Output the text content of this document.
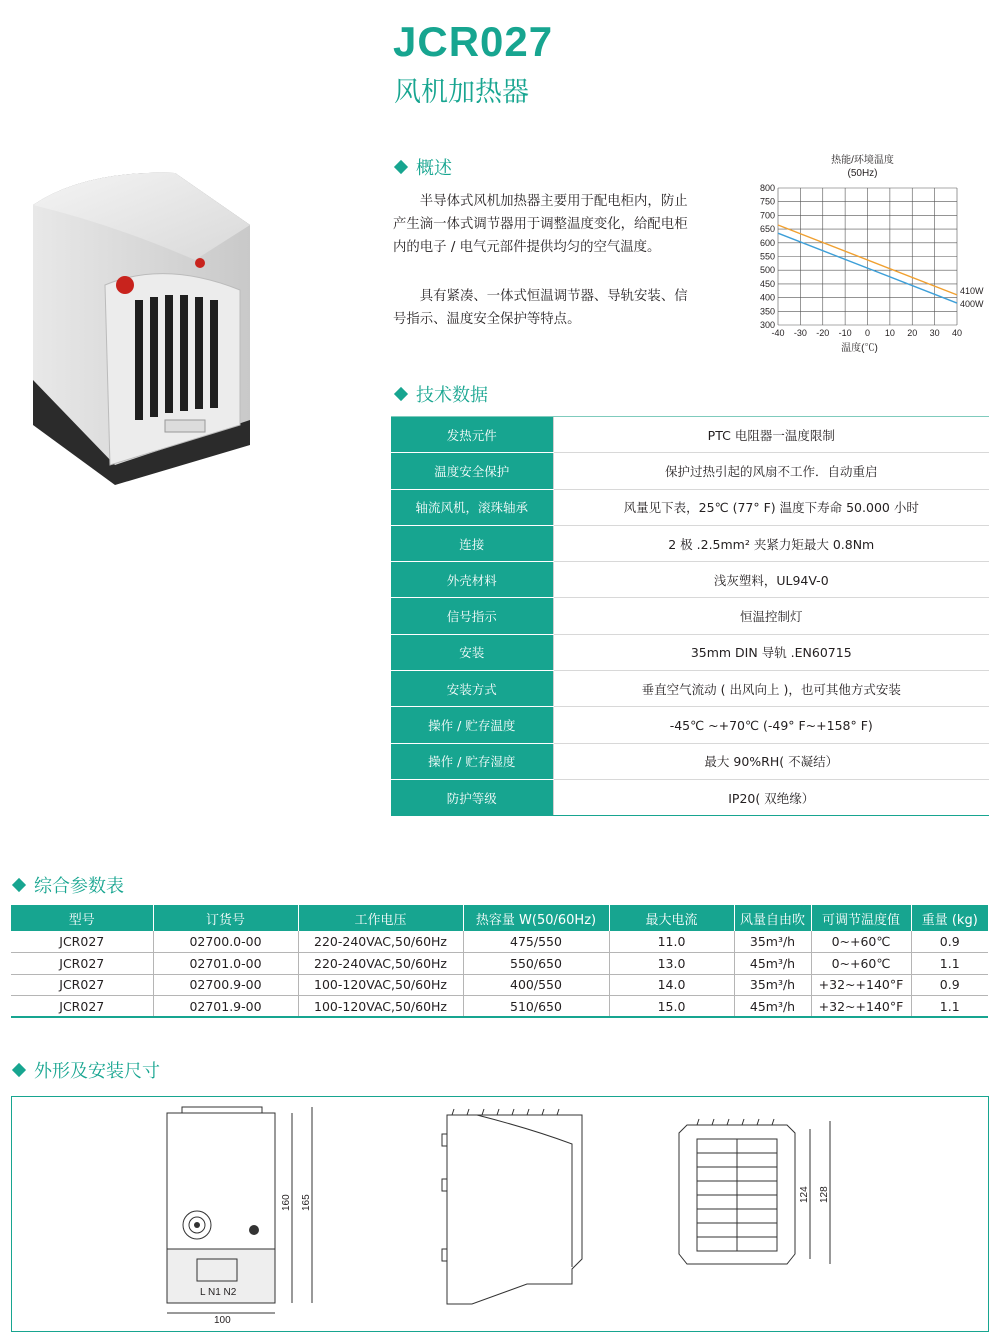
JCR027
风机加热器
概述
半导体式风机加热器主要用于配电柜内，防止产生滴一体式调节器用于调整温度变化，给配电柜内的电子 / 电气元部件提供均匀的空气温度。
具有紧凑、一体式恒温调节器、导轨安装、信号指示、温度安全保护等特点。
热能/环境温度
(50Hz)
300
350
400
450
500
550
600
650
700
750
800
-40 -30 -20 -10 0 10 20 30 40
温度(℃)
410W
400W
技术数据
发热元件	PTC 电阻器一温度限制
温度安全保护	保护过热引起的风扇不工作．自动重启
轴流风机，滚珠轴承	风量见下表，25℃ (77° F) 温度下寿命 50.000 小时
连接	2 极 .2.5mm² 夹紧力矩最大 0.8Nm
外壳材料	浅灰塑料，UL94V-0
信号指示	恒温控制灯
安装	35mm DIN 导轨 .EN60715
安装方式	垂直空气流动 ( 出风向上 )，也可其他方式安装
操作 / 贮存温度	-45℃ ~+70℃ (-49° F~+158° F)
操作 / 贮存湿度	最大 90%RH( 不凝结）
防护等级	IP20( 双绝缘）
综合参数表
型号	订货号	工作电压	热容量 W(50/60Hz)	最大电流	风量自由吹	可调节温度值	重量 (kg)
JCR027	02700.0-00	220-240VAC,50/60Hz	475/550	11.0	35m³/h	0~+60℃	0.9
JCR027	02701.0-00	220-240VAC,50/60Hz	550/650	13.0	45m³/h	0~+60℃	1.1
JCR027	02700.9-00	100-120VAC,50/60Hz	400/550	14.0	35m³/h	+32~+140°F	0.9
JCR027	02701.9-00	100-120VAC,50/60Hz	510/650	15.0	45m³/h	+32~+140°F	1.1
外形及安装尺寸
L N1 N2
160 165
100
124 128
